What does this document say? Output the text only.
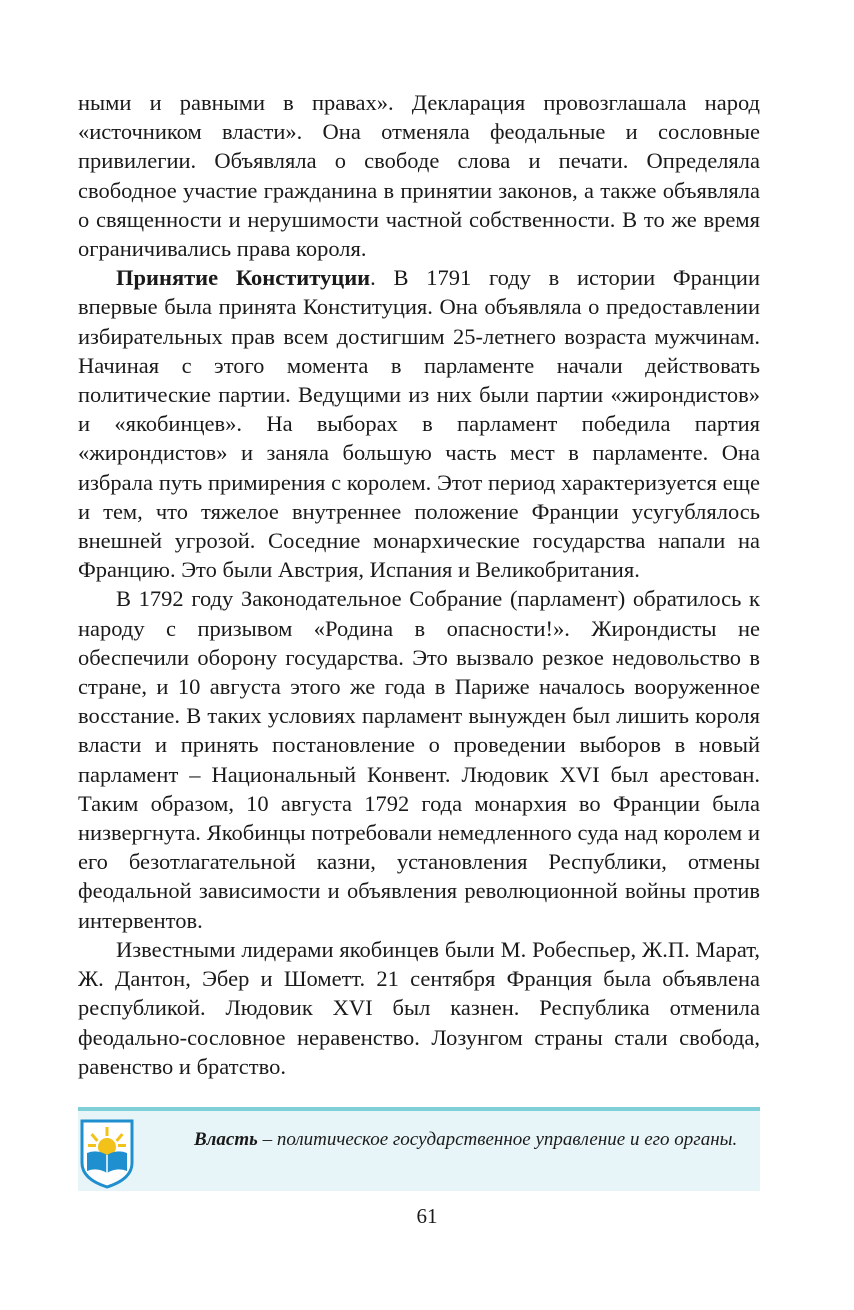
ными и равными в правах». Декларация провозглашала народ «источником власти». Она отменяла феодальные и сословные привилегии. Объявляла о свободе слова и печати. Определяла свободное участие гражданина в принятии законов, а также объявляла о священности и нерушимости частной собственности. В то же время ограничивались права короля.

Принятие Конституции. В 1791 году в истории Франции впервые была принята Конституция. Она объявляла о предоставлении избирательных прав всем достигшим 25-летнего возраста мужчинам. Начиная с этого момента в парламенте начали действовать политические партии. Ведущими из них были партии «жирондистов» и «якобинцев». На выборах в парламент победила партия «жирондистов» и заняла большую часть мест в парламенте. Она избрала путь примирения с королем. Этот период характеризуется еще и тем, что тяжелое внутреннее положение Франции усугублялось внешней угрозой. Соседние монархические государства напали на Францию. Это были Австрия, Испания и Великобритания.

В 1792 году Законодательное Собрание (парламент) обратилось к народу с призывом «Родина в опасности!». Жирондисты не обеспечили оборону государства. Это вызвало резкое недовольство в стране, и 10 августа этого же года в Париже началось вооруженное восстание. В таких условиях парламент вынужден был лишить короля власти и принять постановление о проведении выборов в новый парламент – Национальный Конвент. Людовик XVI был арестован. Таким образом, 10 августа 1792 года монархия во Франции была низвергнута. Якобинцы потребовали немедленного суда над королем и его безотлагательной казни, установления Республики, отмены феодальной зависимости и объявления революционной войны против интервентов.

Известными лидерами якобинцев были М. Робеспьер, Ж.П. Марат, Ж. Дантон, Эбер и Шометт. 21 сентября Франция была объявлена республикой. Людовик XVI был казнен. Республика отменила феодально-сословное неравенство. Лозунгом страны стали свобода, равенство и братство.

Власть – политическое государственное управление и его органы.

61
